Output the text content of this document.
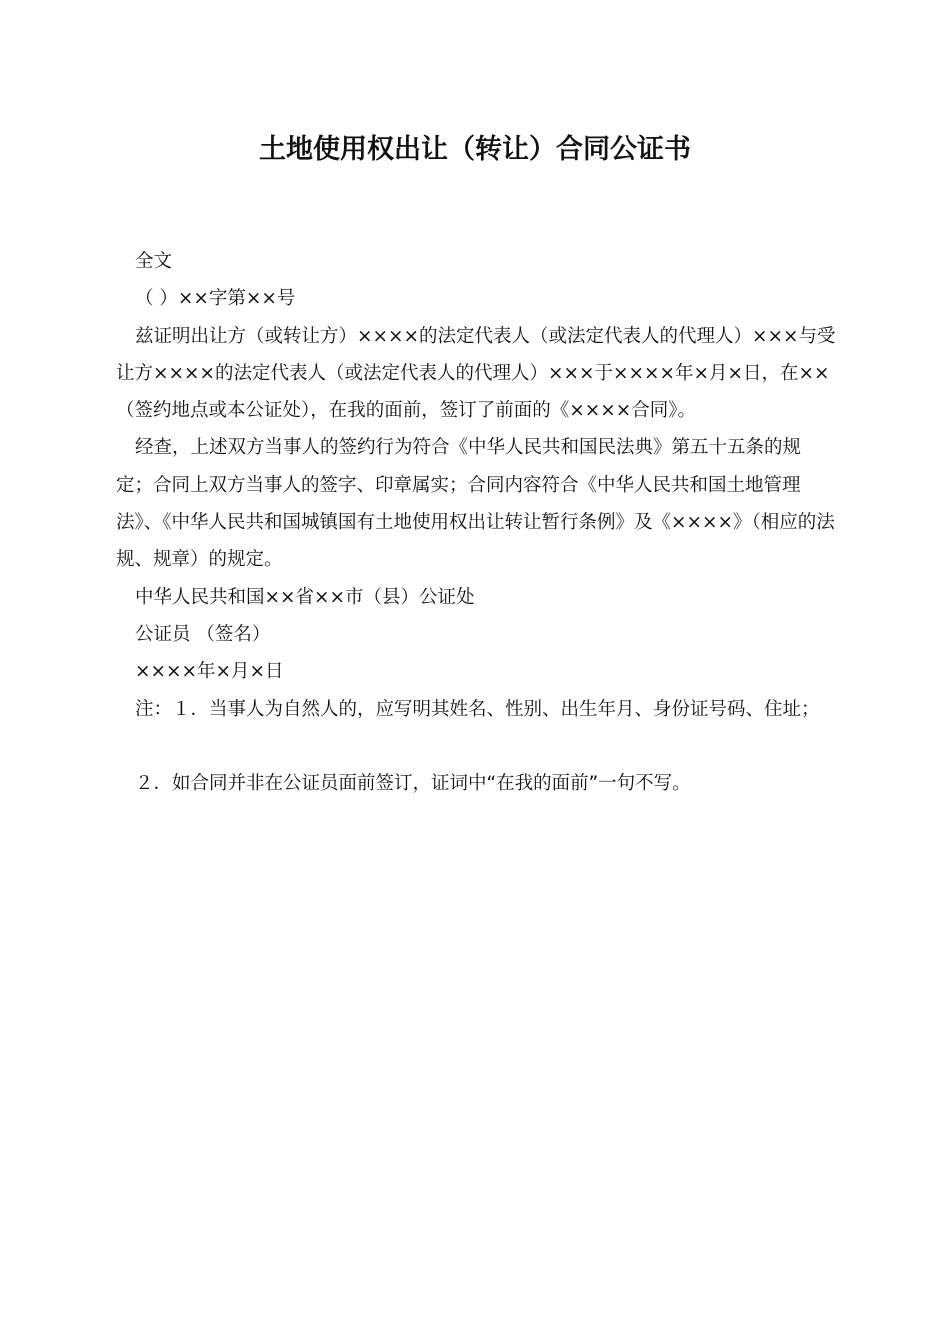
土地使用权出让（转让）合同公证书

全文

（ ）××字第××号

兹证明出让方（或转让方）××××的法定代表人（或法定代表人的代理人）×××与受让方××××的法定代表人（或法定代表人的代理人）×××于××××年×月×日，在××（签约地点或本公证处），在我的面前，签订了前面的《××××合同》。

经查，上述双方当事人的签约行为符合《中华人民共和国民法典》第五十五条的规定；合同上双方当事人的签字、印章属实；合同内容符合《中华人民共和国土地管理法》、《中华人民共和国城镇国有土地使用权出让转让暂行条例》及《××××》（相应的法规、规章）的规定。

中华人民共和国××省××市（县）公证处

公证员 （签名）

××××年×月×日

注：１．当事人为自然人的，应写明其姓名、性别、出生年月、身份证号码、住址；

２．如合同并非在公证员面前签订，证词中“在我的面前”一句不写。
